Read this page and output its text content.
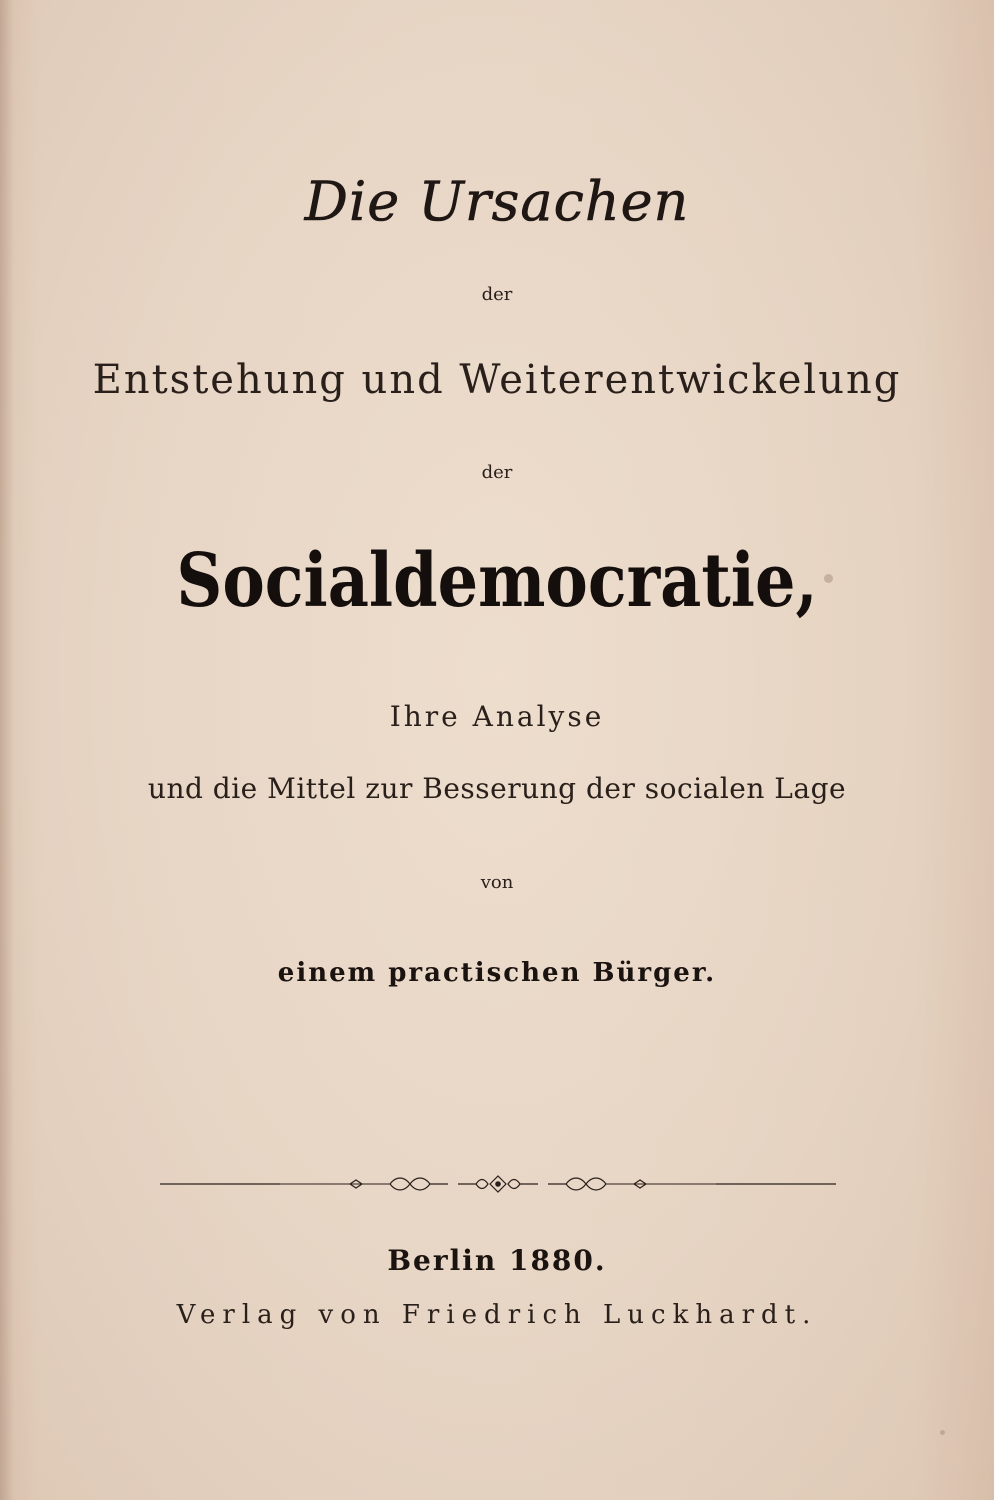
Die Ursachen

der

Entstehung und Weiterentwickelung

der

Socialdemocratie,

Ihre Analyse

und die Mittel zur Besserung der socialen Lage

von

einem practischen Bürger.

Berlin 1880.

Verlag von Friedrich Luckhardt.
